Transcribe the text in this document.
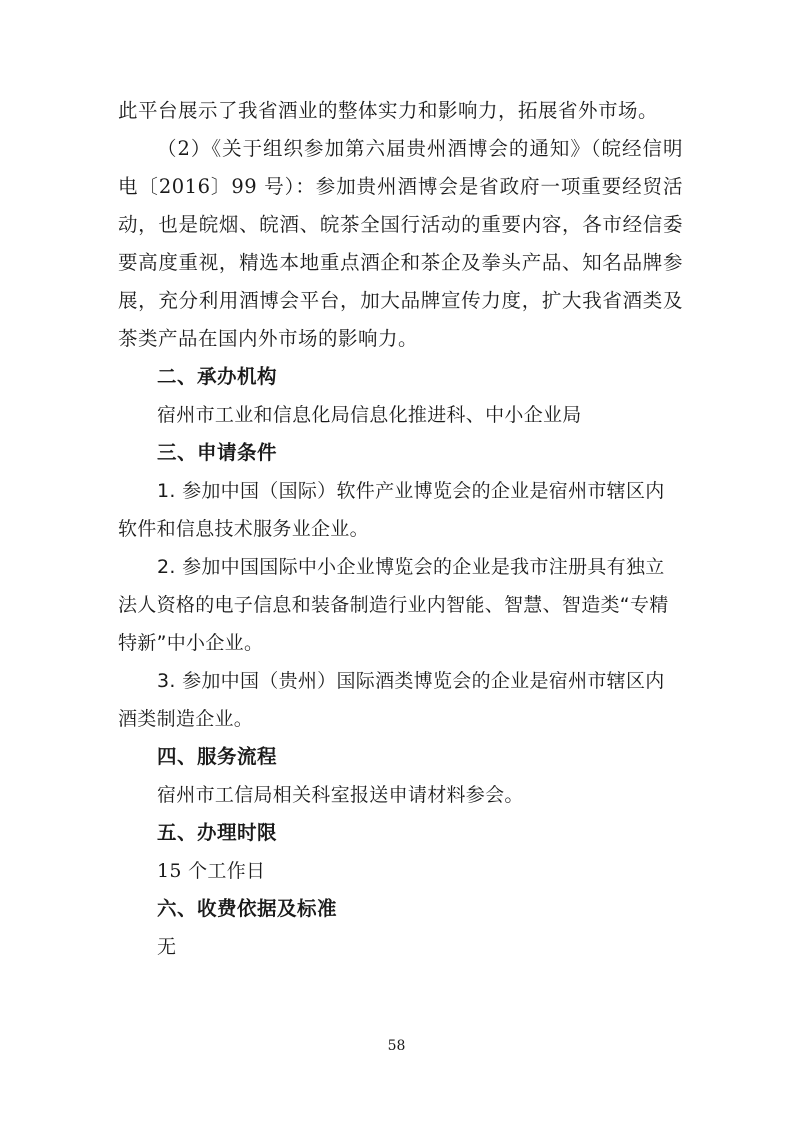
此平台展示了我省酒业的整体实力和影响力，拓展省外市场。

（2）《关于组织参加第六届贵州酒博会的通知》（皖经信明电〔2016〕99 号）：参加贵州酒博会是省政府一项重要经贸活动，也是皖烟、皖酒、皖茶全国行活动的重要内容，各市经信委要高度重视，精选本地重点酒企和茶企及拳头产品、知名品牌参展，充分利用酒博会平台，加大品牌宣传力度，扩大我省酒类及茶类产品在国内外市场的影响力。

二、承办机构

宿州市工业和信息化局信息化推进科、中小企业局

三、申请条件

1. 参加中国（国际）软件产业博览会的企业是宿州市辖区内软件和信息技术服务业企业。

2. 参加中国国际中小企业博览会的企业是我市注册具有独立法人资格的电子信息和装备制造行业内智能、智慧、智造类“专精特新”中小企业。

3. 参加中国（贵州）国际酒类博览会的企业是宿州市辖区内酒类制造企业。

四、服务流程

宿州市工信局相关科室报送申请材料参会。

五、办理时限

15 个工作日

六、收费依据及标准

无

58
